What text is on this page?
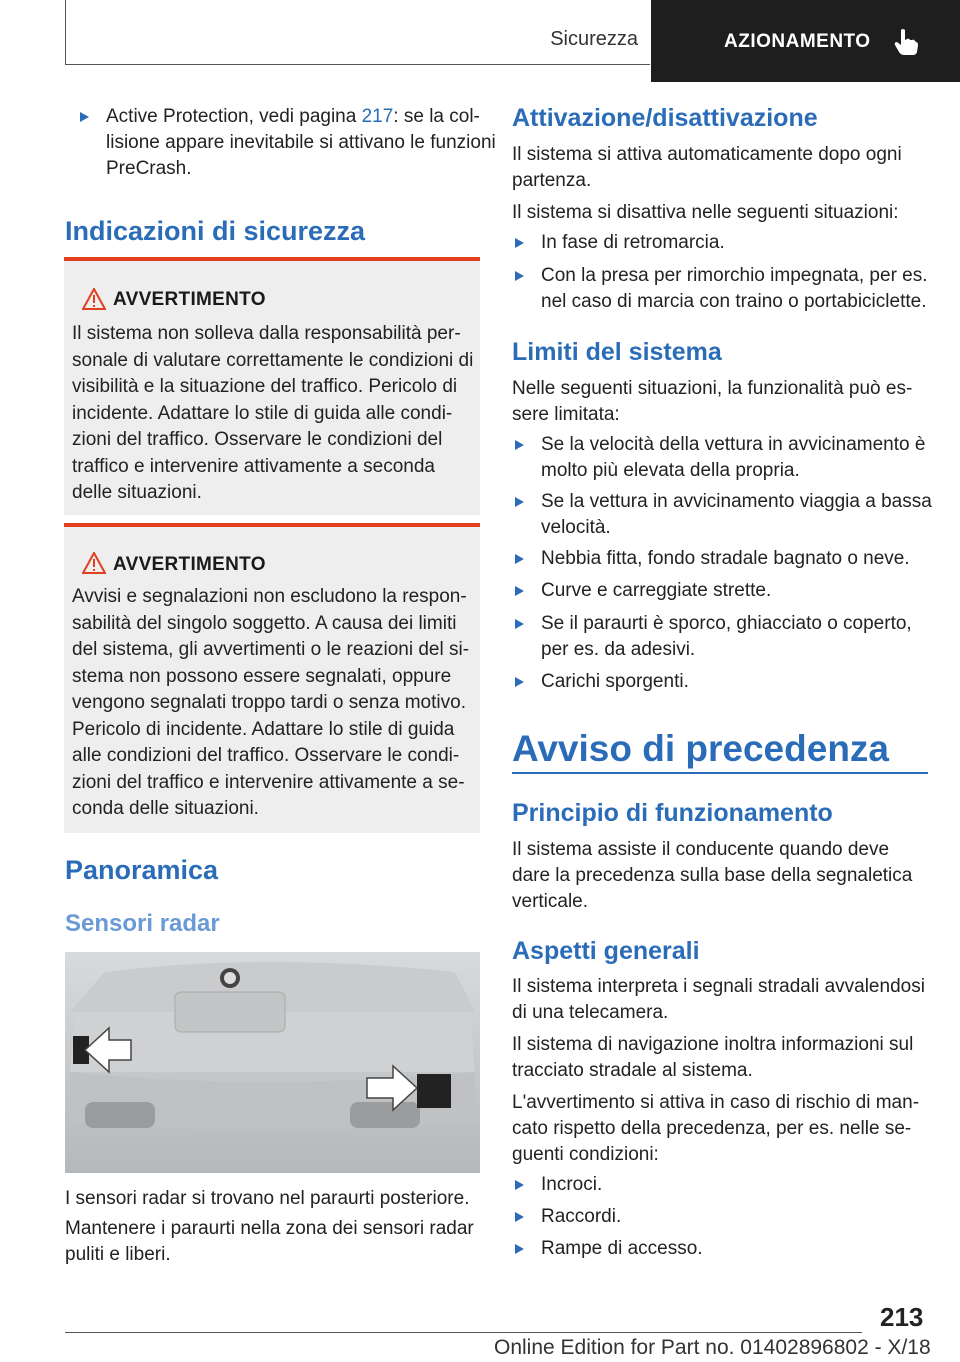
Sicurezza	AZIONAMENTO
Active Protection, vedi pagina 217: se la col-
lisione appare inevitabile si attivano le funzioni
PreCrash.
Indicazioni di sicurezza
AVVERTIMENTO
Il sistema non solleva dalla responsabilità per-
sonale di valutare correttamente le condizioni di
visibilità e la situazione del traffico. Pericolo di
incidente. Adattare lo stile di guida alle condi-
zioni del traffico. Osservare le condizioni del
traffico e intervenire attivamente a seconda
delle situazioni.
AVVERTIMENTO
Avvisi e segnalazioni non escludono la respon-
sabilità del singolo soggetto. A causa dei limiti
del sistema, gli avvertimenti o le reazioni del si-
stema non possono essere segnalati, oppure
vengono segnalati troppo tardi o senza motivo.
Pericolo di incidente. Adattare lo stile di guida
alle condizioni del traffico. Osservare le condi-
zioni del traffico e intervenire attivamente a se-
conda delle situazioni.
Panoramica
Sensori radar
I sensori radar si trovano nel paraurti posteriore.
Mantenere i paraurti nella zona dei sensori radar
puliti e liberi.
Attivazione/disattivazione
Il sistema si attiva automaticamente dopo ogni
partenza.
Il sistema si disattiva nelle seguenti situazioni:
In fase di retromarcia.
Con la presa per rimorchio impegnata, per es.
nel caso di marcia con traino o portabiciclette.
Limiti del sistema
Nelle seguenti situazioni, la funzionalità può es-
sere limitata:
Se la velocità della vettura in avvicinamento è
molto più elevata della propria.
Se la vettura in avvicinamento viaggia a bassa
velocità.
Nebbia fitta, fondo stradale bagnato o neve.
Curve e carreggiate strette.
Se il paraurti è sporco, ghiacciato o coperto,
per es. da adesivi.
Carichi sporgenti.
Avviso di precedenza
Principio di funzionamento
Il sistema assiste il conducente quando deve
dare la precedenza sulla base della segnaletica
verticale.
Aspetti generali
Il sistema interpreta i segnali stradali avvalendosi
di una telecamera.
Il sistema di navigazione inoltra informazioni sul
tracciato stradale al sistema.
L'avvertimento si attiva in caso di rischio di man-
cato rispetto della precedenza, per es. nelle se-
guenti condizioni:
Incroci.
Raccordi.
Rampe di accesso.
213
Online Edition for Part no. 01402896802 - X/18
